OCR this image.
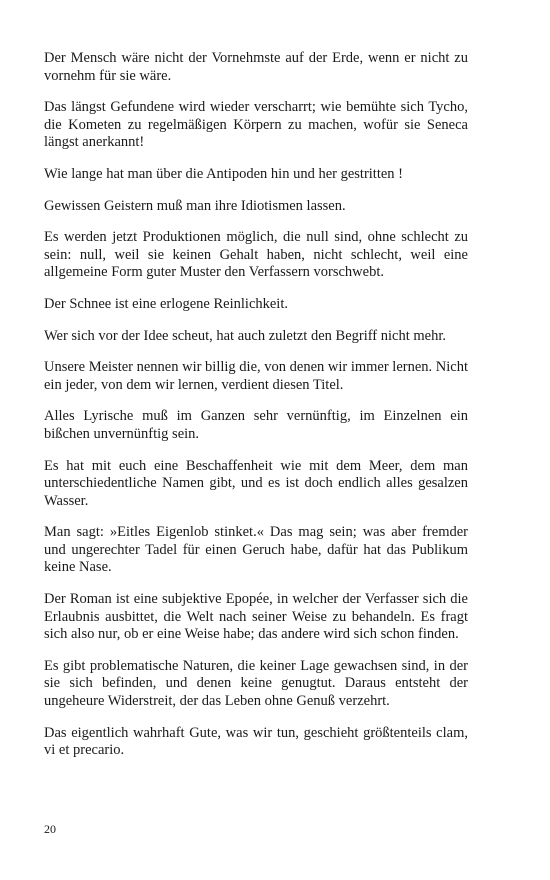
Der Mensch wäre nicht der Vornehmste auf der Erde, wenn er nicht zu vornehm für sie wäre.

Das längst Gefundene wird wieder verscharrt; wie bemühte sich Tycho, die Kometen zu regelmäßigen Körpern zu machen, wofür sie Seneca längst anerkannt!

Wie lange hat man über die Antipoden hin und her gestritten !

Gewissen Geistern muß man ihre Idiotismen lassen.

Es werden jetzt Produktionen möglich, die null sind, ohne schlecht zu sein: null, weil sie keinen Gehalt haben, nicht schlecht, weil eine allgemeine Form guter Muster den Verfassern vorschwebt.

Der Schnee ist eine erlogene Reinlichkeit.

Wer sich vor der Idee scheut, hat auch zuletzt den Begriff nicht mehr.

Unsere Meister nennen wir billig die, von denen wir immer lernen. Nicht ein jeder, von dem wir lernen, verdient diesen Titel.

Alles Lyrische muß im Ganzen sehr vernünftig, im Einzelnen ein bißchen unvernünftig sein.

Es hat mit euch eine Beschaffenheit wie mit dem Meer, dem man unterschiedentliche Namen gibt, und es ist doch endlich alles gesalzen Wasser.

Man sagt: »Eitles Eigenlob stinket.« Das mag sein; was aber fremder und ungerechter Tadel für einen Geruch habe, dafür hat das Publikum keine Nase.

Der Roman ist eine subjektive Epopée, in welcher der Verfasser sich die Erlaubnis ausbittet, die Welt nach seiner Weise zu behandeln. Es fragt sich also nur, ob er eine Weise habe; das andere wird sich schon finden.

Es gibt problematische Naturen, die keiner Lage gewachsen sind, in der sie sich befinden, und denen keine genugtut. Daraus entsteht der ungeheure Widerstreit, der das Leben ohne Genuß verzehrt.

Das eigentlich wahrhaft Gute, was wir tun, geschieht größtenteils clam, vi et precario.

20
